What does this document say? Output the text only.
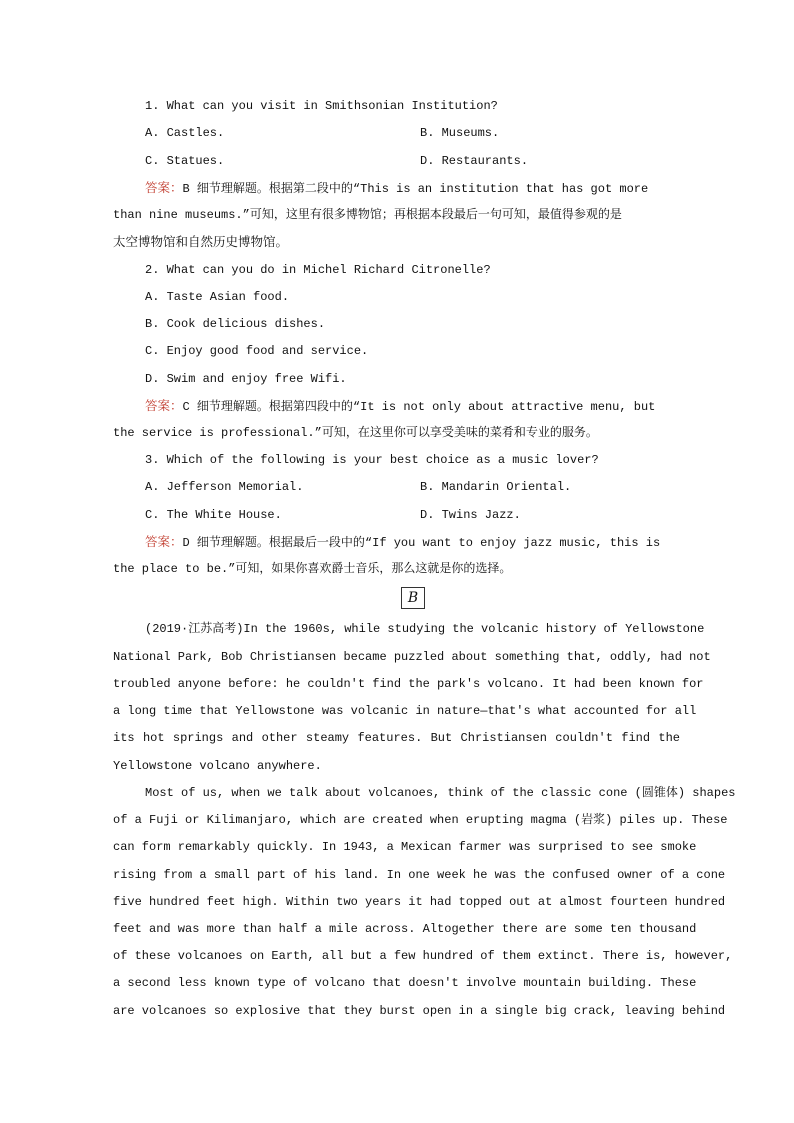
1. What can you visit in Smithsonian Institution?
A. Castles.	B. Museums.
C. Statues.	D. Restaurants.
答案：B 细节理解题。根据第二段中的“This is an institution that has got more
than nine museums.”可知，这里有很多博物馆；再根据本段最后一句可知，最值得参观的是
太空博物馆和自然历史博物馆。
2. What can you do in Michel Richard Citronelle?
A. Taste Asian food.
B. Cook delicious dishes.
C. Enjoy good food and service.
D. Swim and enjoy free Wifi.
答案：C 细节理解题。根据第四段中的“It is not only about attractive menu, but
the service is professional.”可知，在这里你可以享受美味的菜肴和专业的服务。
3. Which of the following is your best choice as a music lover?
A. Jefferson Memorial.	B. Mandarin Oriental.
C. The White House.	D. Twins Jazz.
答案：D 细节理解题。根据最后一段中的“If you want to enjoy jazz music, this is
the place to be.”可知，如果你喜欢爵士音乐，那么这就是你的选择。
B
(2019·江苏高考)In the 1960s, while studying the volcanic history of Yellowstone
National Park, Bob Christiansen became puzzled about something that, oddly, had not
troubled anyone before: he couldn't find the park's volcano. It had been known for
a long time that Yellowstone was volcanic in nature—that's what accounted for all
its hot springs and other steamy features. But Christiansen couldn't find the
Yellowstone volcano anywhere.
Most of us, when we talk about volcanoes, think of the classic cone (圆锥体) shapes
of a Fuji or Kilimanjaro, which are created when erupting magma (岩浆) piles up. These
can form remarkably quickly. In 1943, a Mexican farmer was surprised to see smoke
rising from a small part of his land. In one week he was the confused owner of a cone
five hundred feet high. Within two years it had topped out at almost fourteen hundred
feet and was more than half a mile across. Altogether there are some ten thousand
of these volcanoes on Earth, all but a few hundred of them extinct. There is, however,
a second less known type of volcano that doesn't involve mountain building. These
are volcanoes so explosive that they burst open in a single big crack, leaving behind
